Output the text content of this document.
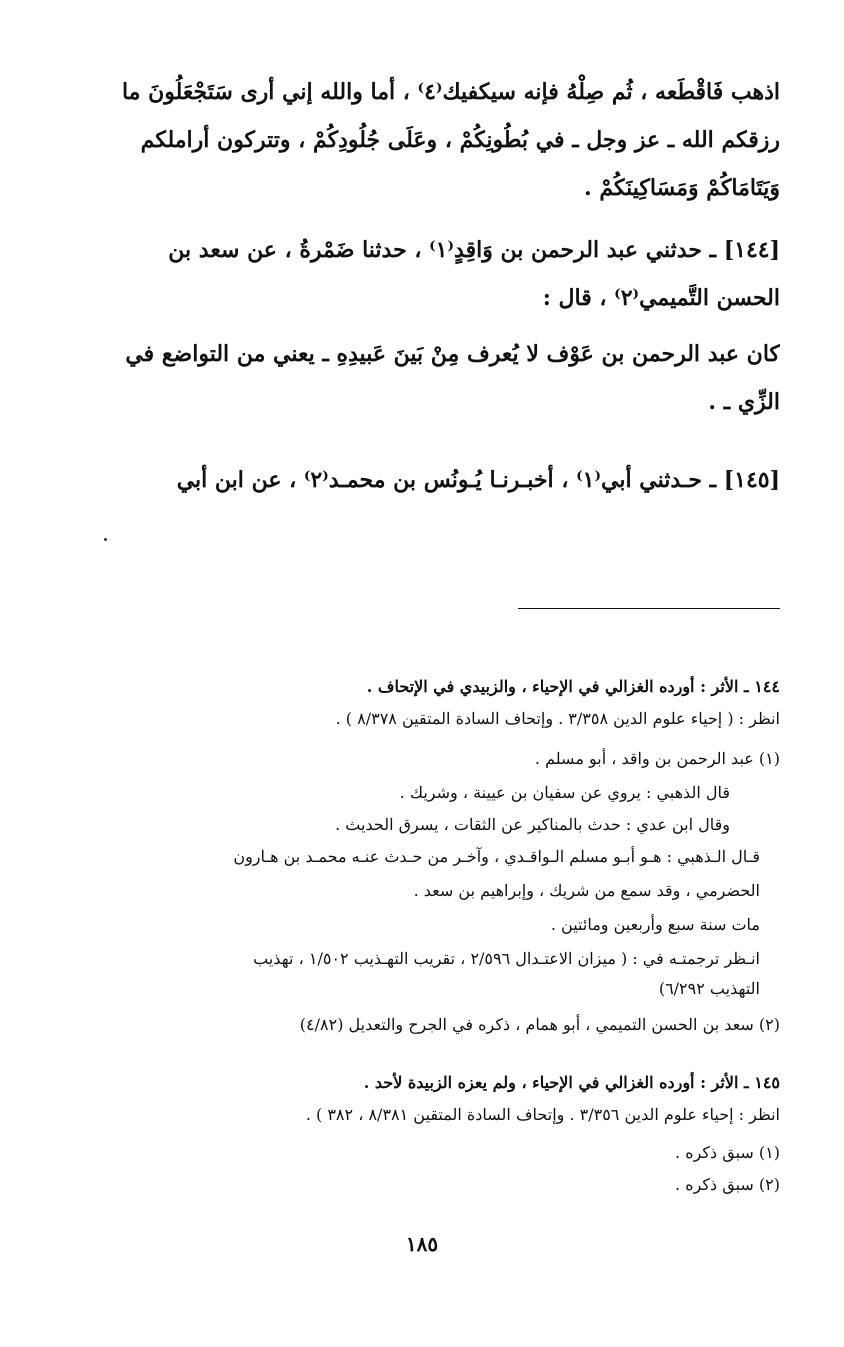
اذهب فَاقْطَعه ، ثُم صِلْهُ فإنه سيكفيك⁽٤⁾ ، أما والله إني أرى سَتَجْعَلُونَ ما
رزقكم الله ـ عز وجل ـ في بُطُونِكُمْ ، وعَلَى جُلُودِكُمْ ، وتتركون أراملكم
وَيَتَامَاكُمْ وَمَسَاكِينَكُمْ .
[١٤٤] ـ حدثني عبد الرحمن بن وَاقِدٍ⁽١⁾ ، حدثنا ضَمْرةُ ، عن سعد بن
الحسن التَّميمي⁽٢⁾ ، قال :
كان عبد الرحمن بن عَوْف لا يُعرف مِنْ بَينَ عَبيدِهِ ـ يعني من التواضع في
الزِّي ـ .
[١٤٥] ـ حـدثني أبي⁽١⁾ ، أخبـرنـا يُـونُس بن محمـد⁽٢⁾ ، عن ابن أبي
١٤٤ ـ الأثر : أورده الغزالي في الإحياء ، والزبيدي في الإتحاف .
انظر : ( إحياء علوم الدين ٣/٣٥٨ . وإتحاف السادة المتقين ٨/٣٧٨ ) .
(١) عبد الرحمن بن واقد ، أبو مسلم .
قال الذهبي : يروي عن سفيان بن عيينة ، وشريك .
وقال ابن عدي : حدث بالمناكير عن الثقات ، يسرق الحديث .
قـال الـذهبي : هـو أبـو مسلم الـواقـدي ، وآخـر من حـدث عنـه محمـد بن هـارون
الحضرمي ، وقد سمع من شريك ، وإبراهيم بن سعد .
مات سنة سبع وأربعين ومائتين .
انـظر ترجمتـه في : ( ميزان الاعتـدال ٢/٥٩٦ ، تقريب التهـذيب ١/٥٠٢ ، تهذيب
التهذيب ٦/٢٩٢)
(٢) سعد بن الحسن التميمي ، أبو همام ، ذكره في الجرح والتعديل (٤/٨٢)
١٤٥ ـ الأثر : أورده الغزالي في الإحياء ، ولم يعزه الزبيدة لأحد .
انظر : إحياء علوم الدين ٣/٣٥٦ . وإتحاف السادة المتقين ٨/٣٨١ ، ٣٨٢ ) .
(١) سبق ذكره .
(٢) سبق ذكره .
١٨٥
